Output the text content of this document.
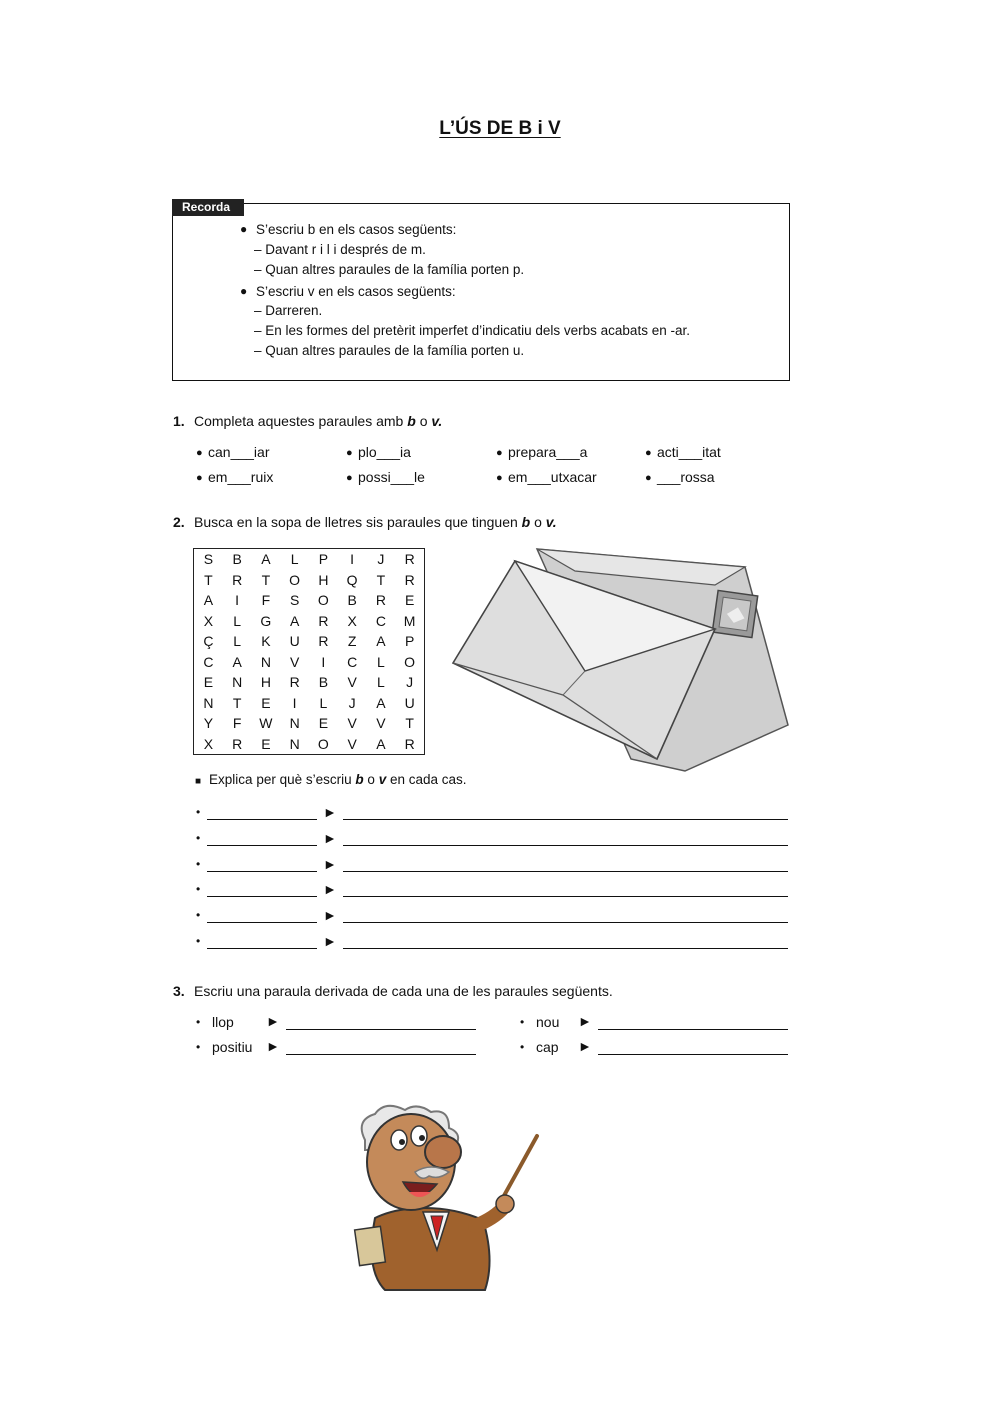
L’ÚS DE B i V
Recorda
● S’escriu b en els casos següents:
– Davant r i l i després de m.
– Quan altres paraules de la família porten p.
● S’escriu v en els casos següents:
– Darreren.
– En les formes del pretèrit imperfet d’indicatiu dels verbs acabats en -ar.
– Quan altres paraules de la família porten u.
1. Completa aquestes paraules amb b o v.
● can___iar	● plo___ia	● prepara___a	● acti___itat
● em___ruix	● possi___le	● em___utxacar	● ___rossa
2. Busca en la sopa de lletres sis paraules que tinguen b o v.
S	B	A	L	P	I	J	R
T	R	T	O	H	Q	T	R
A	I	F	S	O	B	R	E
X	L	G	A	R	X	C	M
Ç	L	K	U	R	Z	A	P
C	A	N	V	I	C	L	O
E	N	H	R	B	V	L	J
N	T	E	I	L	J	A	U
Y	F	W	N	E	V	V	T
X	R	E	N	O	V	A	R
■ Explica per què s’escriu b o v en cada cas.
•	►
•	►
•	►
•	►
•	►
•	►
3. Escriu una paraula derivada de cada una de les paraules següents.
• llop ►	• nou ►
• positiu ►	• cap ►
